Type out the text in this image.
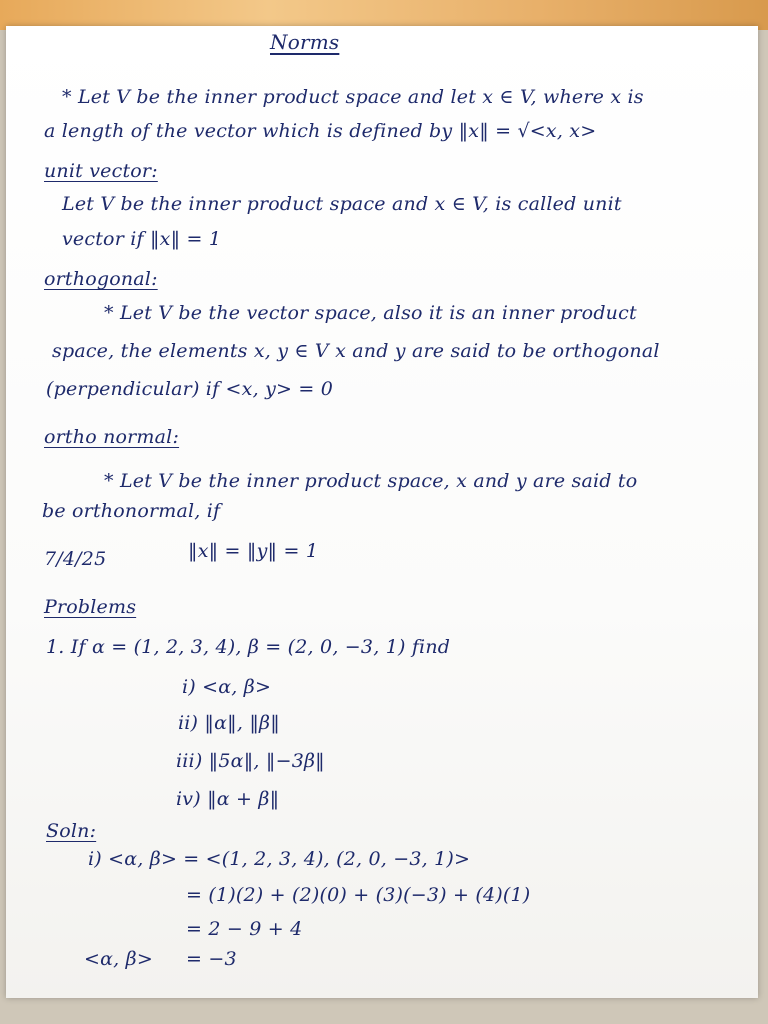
Norms
* Let V be the inner product space and let x ∈ V, where x is
a length of the vector which is defined by ‖x‖ = √<x, x>
unit vector:
Let V be the inner product space and x ∈ V, is called unit
vector if ‖x‖ = 1
orthogonal:
* Let V be the vector space, also it is an inner product
space, the elements x, y ∈ V x and y are said to be orthogonal
(perpendicular) if <x, y> = 0
ortho normal:
* Let V be the inner product space, x and y are said to
be orthonormal, if
7/4/25	‖x‖ = ‖y‖ = 1
Problems
1. If α = (1, 2, 3, 4), β = (2, 0, −3, 1) find
i) <α, β>
ii) ‖α‖, ‖β‖
iii) ‖5α‖, ‖−3β‖
iv) ‖α + β‖
Soln:
i) <α, β> = <(1, 2, 3, 4), (2, 0, −3, 1)>
= (1)(2) + (2)(0) + (3)(−3) + (4)(1)
= 2 − 9 + 4
<α, β> = −3
